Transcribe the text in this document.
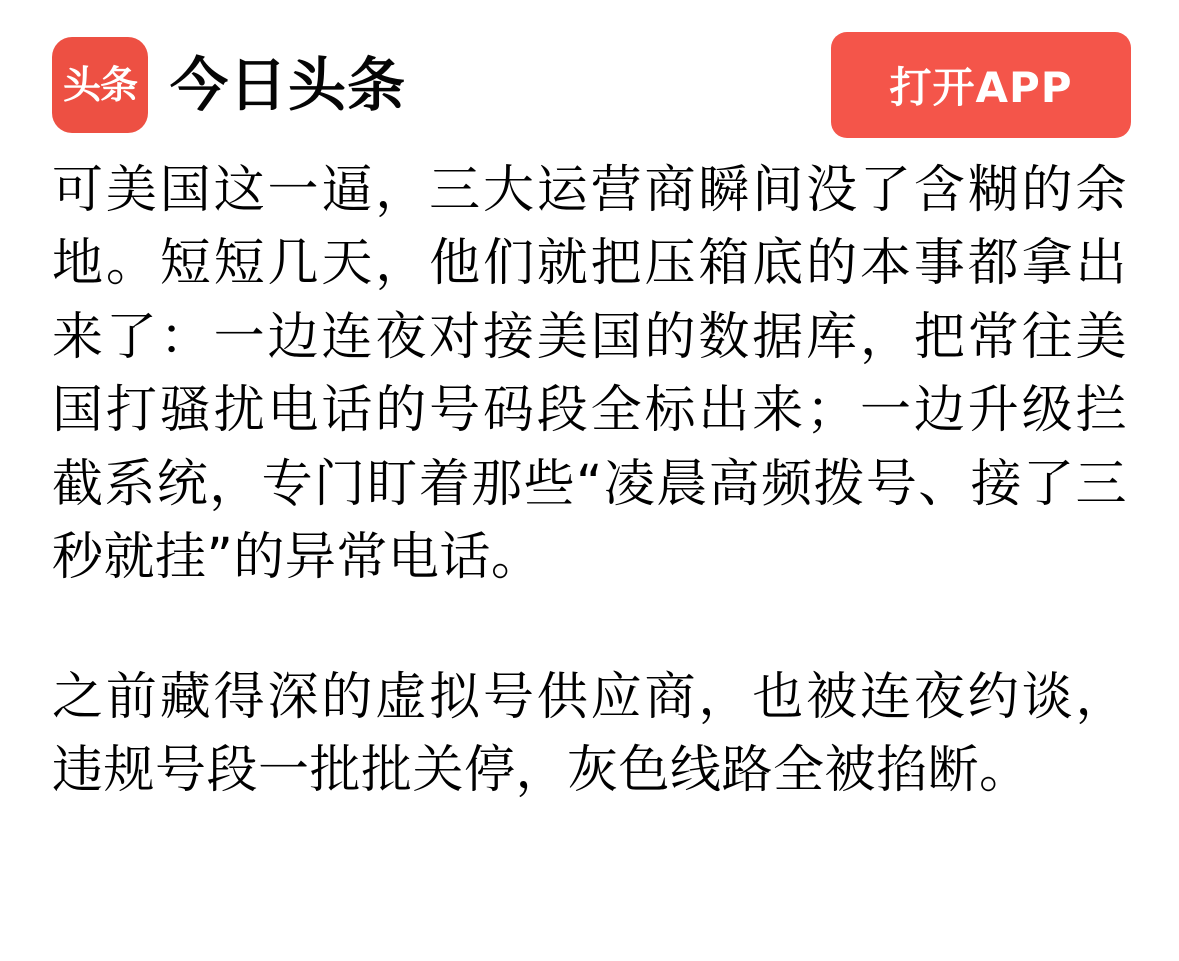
头条 今日头条	打开APP

可美国这一逼，三大运营商瞬间没了含糊的余地。短短几天，他们就把压箱底的本事都拿出来了：一边连夜对接美国的数据库，把常往美国打骚扰电话的号码段全标出来；一边升级拦截系统，专门盯着那些“凌晨高频拨号、接了三秒就挂”的异常电话。

之前藏得深的虚拟号供应商，也被连夜约谈，违规号段一批批关停，灰色线路全被掐断。
